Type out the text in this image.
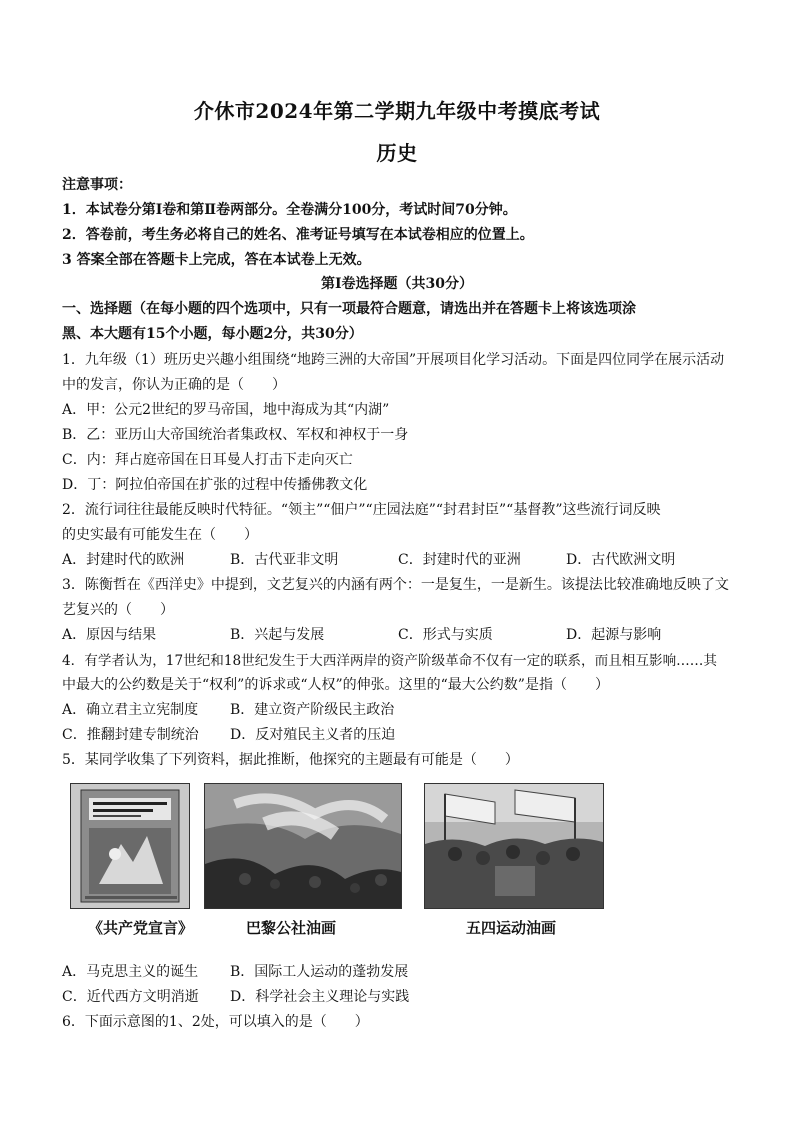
介休市2024年第二学期九年级中考摸底考试
历史
注意事项：
1．本试卷分第Ⅰ卷和第Ⅱ卷两部分。全卷满分100分，考试时间70分钟。
2．答卷前，考生务必将自己的姓名、准考证号填写在本试卷相应的位置上。
3 答案全部在答题卡上完成，答在本试卷上无效。
第Ⅰ卷选择题（共30分）
一、选择题（在每小题的四个选项中，只有一项最符合题意，请选出并在答题卡上将该选项涂
黑、本大题有15个小题，每小题2分，共30分）
1．九年级（1）班历史兴趣小组围绕“地跨三洲的大帝国”开展项目化学习活动。下面是四位同学在展示活动
中的发言，你认为正确的是（　　）
A．甲：公元2世纪的罗马帝国，地中海成为其“内湖”
B．乙：亚历山大帝国统治者集政权、军权和神权于一身
C．内：拜占庭帝国在日耳曼人打击下走向灭亡
D．丁：阿拉伯帝国在扩张的过程中传播佛教文化
2．流行词往往最能反映时代特征。“领主”“佃户”“庄园法庭”“封君封臣”“基督教”这些流行词反映
的史实最有可能发生在（　　）
A．封建时代的欧洲	B．古代亚非文明	C．封建时代的亚洲	D．古代欧洲文明
3．陈衡哲在《西洋史》中提到，文艺复兴的内涵有两个：一是复生，一是新生。该提法比较准确地反映了文
艺复兴的（　　）
A．原因与结果	B．兴起与发展	C．形式与实质	D．起源与影响
4．有学者认为，17世纪和18世纪发生于大西洋两岸的资产阶级革命不仅有一定的联系，而且相互影响……其
中最大的公约数是关于“权利”的诉求或“人权”的伸张。这里的“最大公约数”是指（　　）
A．确立君主立宪制度 B．建立资产阶级民主政治
C．推翻封建专制统治 D．反对殖民主义者的压迫
5．某同学收集了下列资料，据此推断，他探究的主题最有可能是（　　）
《共产党宣言》	巴黎公社油画	五四运动油画
A．马克思主义的诞生 B．国际工人运动的蓬勃发展
C．近代西方文明消逝 D．科学社会主义理论与实践
6．下面示意图的1、2处，可以填入的是（　　）
